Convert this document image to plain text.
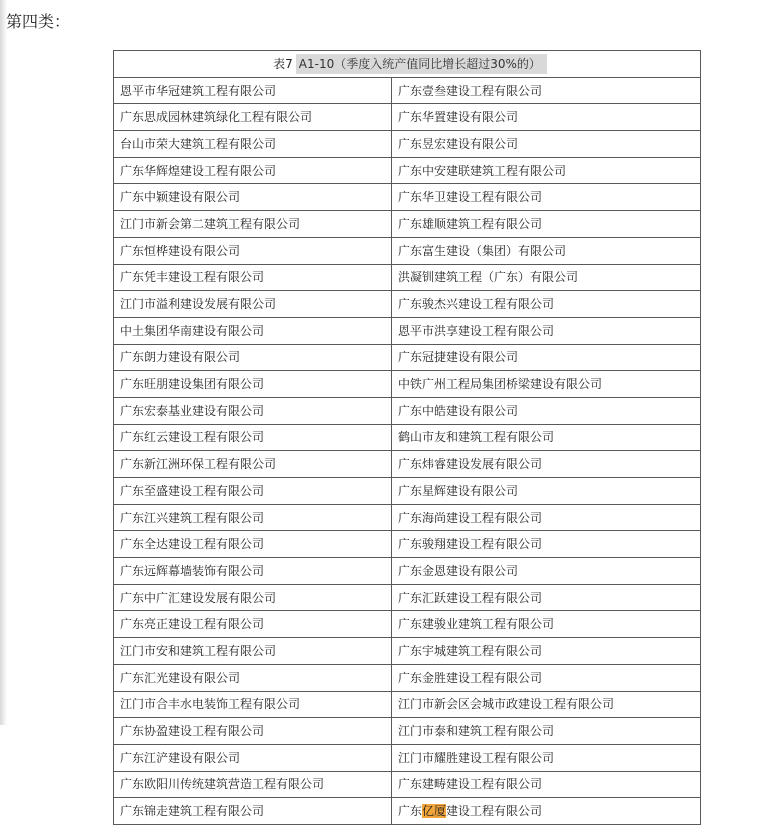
第四类：
表7 A1-10（季度入统产值同比增长超过30%的）	
恩平市华冠建筑工程有限公司	广东壹叁建设工程有限公司
广东思成园林建筑绿化工程有限公司	广东华置建设有限公司
台山市荣大建筑工程有限公司	广东昱宏建设有限公司
广东华辉煌建设工程有限公司	广东中安建联建筑工程有限公司
广东中颖建设有限公司	广东华卫建设工程有限公司
江门市新会第二建筑工程有限公司	广东雄顺建筑工程有限公司
广东恒桦建设有限公司	广东富生建设（集团）有限公司
广东凭丰建设工程有限公司	洪凝钏建筑工程（广东）有限公司
江门市溢利建设发展有限公司	广东骏杰兴建设工程有限公司
中土集团华南建设有限公司	恩平市洪享建设工程有限公司
广东朗力建设有限公司	广东冠捷建设有限公司
广东旺朋建设集团有限公司	中铁广州工程局集团桥梁建设有限公司
广东宏泰基业建设有限公司	广东中皓建设有限公司
广东红云建设工程有限公司	鹤山市友和建筑工程有限公司
广东新江洲环保工程有限公司	广东炜睿建设发展有限公司
广东至盛建设工程有限公司	广东星辉建设有限公司
广东江兴建筑工程有限公司	广东海尚建设工程有限公司
广东全达建设工程有限公司	广东骏翔建设工程有限公司
广东远辉幕墙装饰有限公司	广东金恩建设有限公司
广东中广汇建设发展有限公司	广东汇跃建设工程有限公司
广东亮正建设工程有限公司	广东建骏业建筑工程有限公司
江门市安和建筑工程有限公司	广东宇城建筑工程有限公司
广东汇光建设有限公司	广东金胜建设工程有限公司
江门市合丰水电装饰工程有限公司	江门市新会区会城市政建设工程有限公司
广东协盈建设工程有限公司	江门市泰和建筑工程有限公司
广东江浐建设有限公司	江门市耀胜建设工程有限公司
广东欧阳川传统建筑营造工程有限公司	广东建畴建设工程有限公司
广东锦走建筑工程有限公司	广东亿厦建设工程有限公司
